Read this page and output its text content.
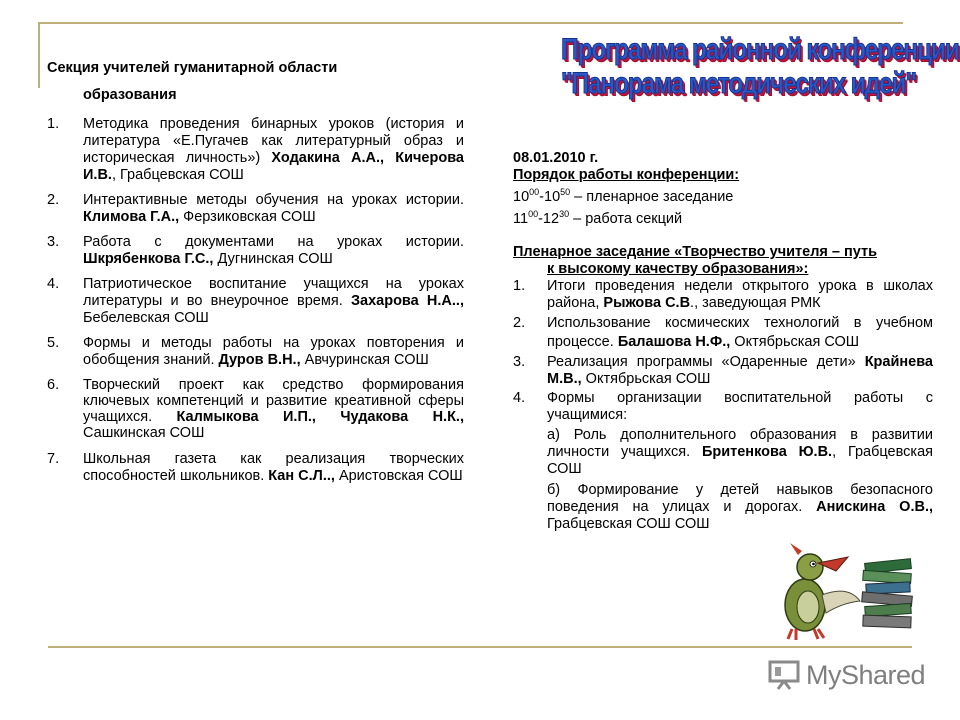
Секция учителей гуманитарной области
образования
1. Методика проведения бинарных уроков (история и литература «Е.Пугачев как литературный образ и историческая личность») Ходакина А.А., Кичерова И.В., Грабцевская СОШ
2. Интерактивные методы обучения на уроках истории. Климова Г.А., Ферзиковская СОШ
3. Работа с документами на уроках истории. Шкрябенкова Г.С., Дугнинская СОШ
4. Патриотическое воспитание учащихся на уроках литературы и во внеурочное время. Захарова Н.А.., Бебелевская СОШ
5. Формы и методы работы на уроках повторения и обобщения знаний. Дуров В.Н., Авчуринская СОШ
6. Творческий проект как средство формирования ключевых компетенций и развитие креативной сферы учащихся. Калмыкова И.П., Чудакова Н.К., Сашкинская СОШ
7. Школьная газета как реализация творческих способностей школьников. Кан С.Л.., Аристовская СОШ
Программа районной конференции
"Панорама методических идей"
08.01.2010 г.
Порядок работы конференции:
$10^{00}-10^{50}$ – пленарное заседание
$11^{00}-12^{30}$ – работа секций
Пленарное заседание «Творчество учителя – путь
к высокому качеству образования»:
1. Итоги проведения недели открытого урока в школах района, Рыжова С.В., заведующая РМК
2. Использование космических технологий в учебном процессе. Балашова Н.Ф., Октябрьская СОШ
3. Реализация программы «Одаренные дети» Крайнева М.В., Октябрьская СОШ
4. Формы организации воспитательной работы с учащимися:
а) Роль дополнительного образования в развитии личности учащихся. Бритенкова Ю.В., Грабцевская СОШ
б) Формирование у детей навыков безопасного поведения на улицах и дорогах. Анискина О.В., Грабцевская СОШ СОШ
MyShared
